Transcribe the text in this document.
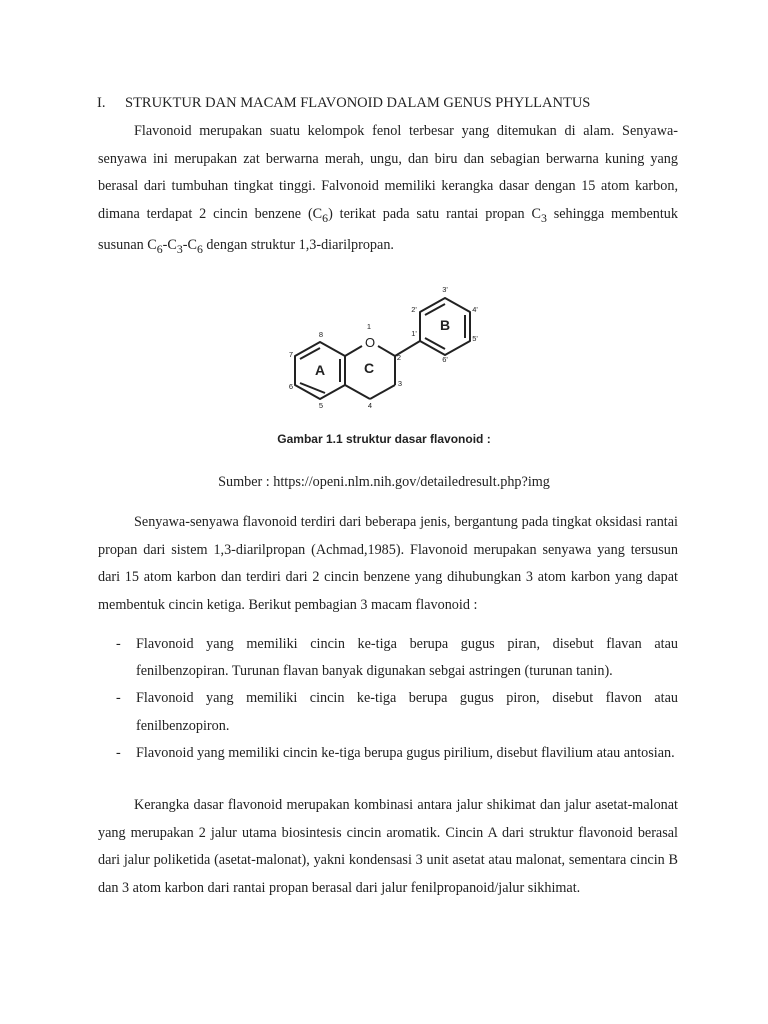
I. STRUKTUR DAN MACAM FLAVONOID DALAM GENUS PHYLLANTUS

Flavonoid merupakan suatu kelompok fenol terbesar yang ditemukan di alam. Senyawa-senyawa ini merupakan zat berwarna merah, ungu, dan biru dan sebagian berwarna kuning yang berasal dari tumbuhan tingkat tinggi. Falvonoid memiliki kerangka dasar dengan 15 atom karbon, dimana terdapat 2 cincin benzene $(C_6)$ terikat pada satu rantai propan $C_3$ sehingga membentuk susunan $C_6-C_3-C_6$ dengan struktur 1,3-diarilpropan.

O
A	C
B
1
2
3
4
5
6
7
8	1'
2'
3'
4'
5'
6'
Gambar 1.1 struktur dasar flavonoid :
Sumber : https://openi.nlm.nih.gov/detailedresult.php?img

Senyawa-senyawa flavonoid terdiri dari beberapa jenis, bergantung pada tingkat oksidasi rantai propan dari sistem 1,3-diarilpropan (Achmad,1985). Flavonoid merupakan senyawa yang tersusun dari 15 atom karbon dan terdiri dari 2 cincin benzene yang dihubungkan 3 atom karbon yang dapat membentuk cincin ketiga. Berikut pembagian 3 macam flavonoid :

- Flavonoid yang memiliki cincin ke-tiga berupa gugus piran, disebut flavan atau fenilbenzopiran. Turunan flavan banyak digunakan sebgai astringen (turunan tanin).
- Flavonoid yang memiliki cincin ke-tiga berupa gugus piron, disebut flavon atau fenilbenzopiron.
- Flavonoid yang memiliki cincin ke-tiga berupa gugus pirilium, disebut flavilium atau antosian.

Kerangka dasar flavonoid merupakan kombinasi antara jalur shikimat dan jalur asetat-malonat yang merupakan 2 jalur utama biosintesis cincin aromatik. Cincin A dari struktur flavonoid berasal dari jalur poliketida (asetat-malonat), yakni kondensasi 3 unit asetat atau malonat, sementara cincin B dan 3 atom karbon dari rantai propan berasal dari jalur fenilpropanoid/jalur sikhimat.
